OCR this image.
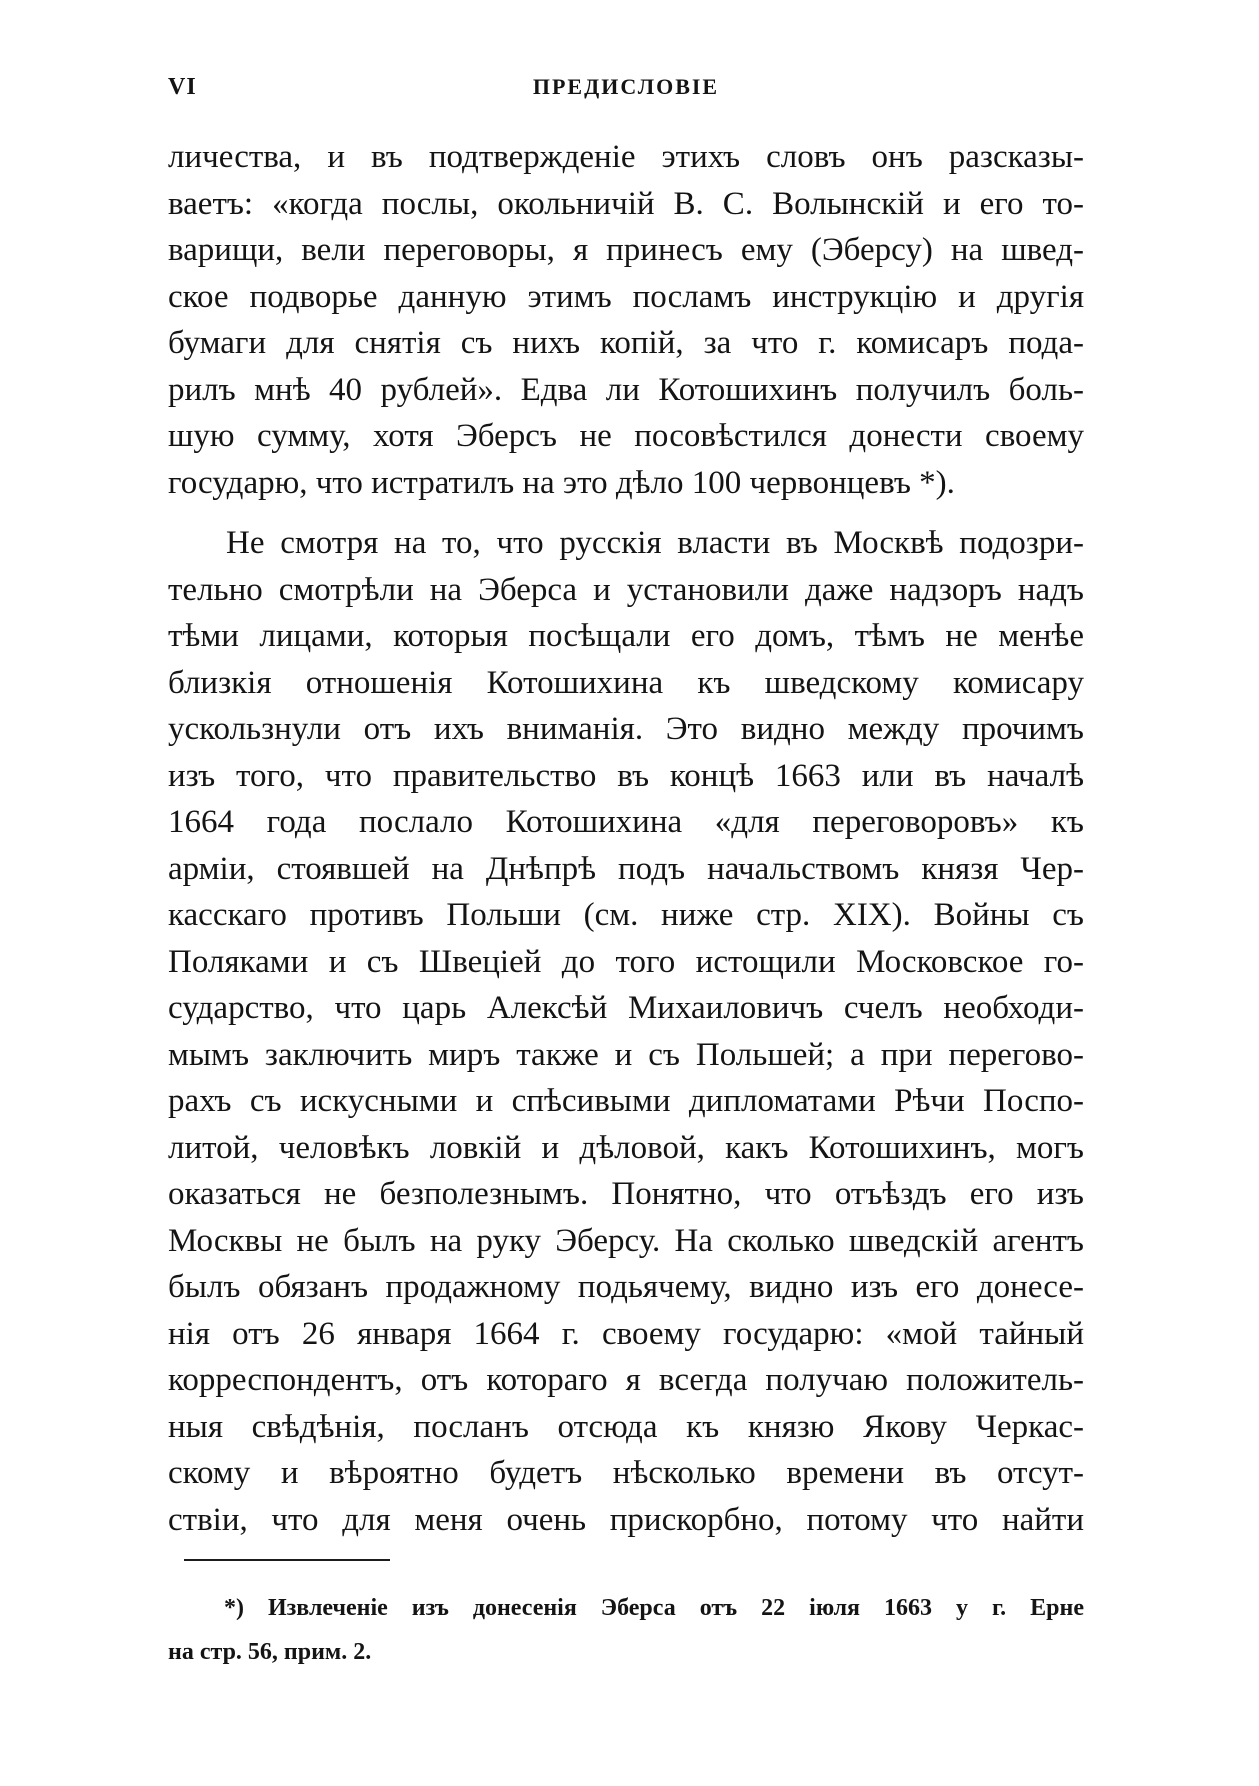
VI	ПРЕДИСЛОВІЕ
личества, и въ подтвержденіе этихъ словъ онъ разсказы-
ваетъ: «когда послы, окольничій В. С. Волынскій и его то-
варищи, вели переговоры, я принесъ ему (Эберсу) на швед-
ское подворье данную этимъ посламъ инструкцію и другія
бумаги для снятія съ нихъ копій, за что г. комисаръ пода-
рилъ мнѣ 40 рублей». Едва ли Котошихинъ получилъ боль-
шую сумму, хотя Эберсъ не посовѣстился донести своему
государю, что истратилъ на это дѣло 100 червонцевъ *).
Не смотря на то, что русскія власти въ Москвѣ подозри-
тельно смотрѣли на Эберса и установили даже надзоръ надъ
тѣми лицами, которыя посѣщали его домъ, тѣмъ не менѣе
близкія отношенія Котошихина къ шведскому комисару
ускользнули отъ ихъ вниманія. Это видно между прочимъ
изъ того, что правительство въ концѣ 1663 или въ началѣ
1664 года послало Котошихина «для переговоровъ» къ
арміи, стоявшей на Днѣпрѣ подъ начальствомъ князя Чер-
касскаго противъ Польши (см. ниже стр. XIX). Войны съ
Поляками и съ Швеціей до того истощили Московское го-
сударство, что царь Алексѣй Михаиловичъ счелъ необходи-
мымъ заключить миръ также и съ Польшей; а при перегово-
рахъ съ искусными и спѣсивыми дипломатами Рѣчи Поспо-
литой, человѣкъ ловкій и дѣловой, какъ Котошихинъ, могъ
оказаться не безполезнымъ. Понятно, что отъѣздъ его изъ
Москвы не былъ на руку Эберсу. На сколько шведскій агентъ
былъ обязанъ продажному подьячему, видно изъ его донесе-
нія отъ 26 января 1664 г. своему государю: «мой тайный
корреспондентъ, отъ котораго я всегда получаю положитель-
ныя свѣдѣнія, посланъ отсюда къ князю Якову Черкас-
скому и вѣроятно будетъ нѣсколько времени въ отсут-
ствіи, что для меня очень прискорбно, потому что найти
*) Извлеченіе изъ донесенія Эберса отъ 22 іюля 1663 у г. Ерне
на стр. 56, прим. 2.
